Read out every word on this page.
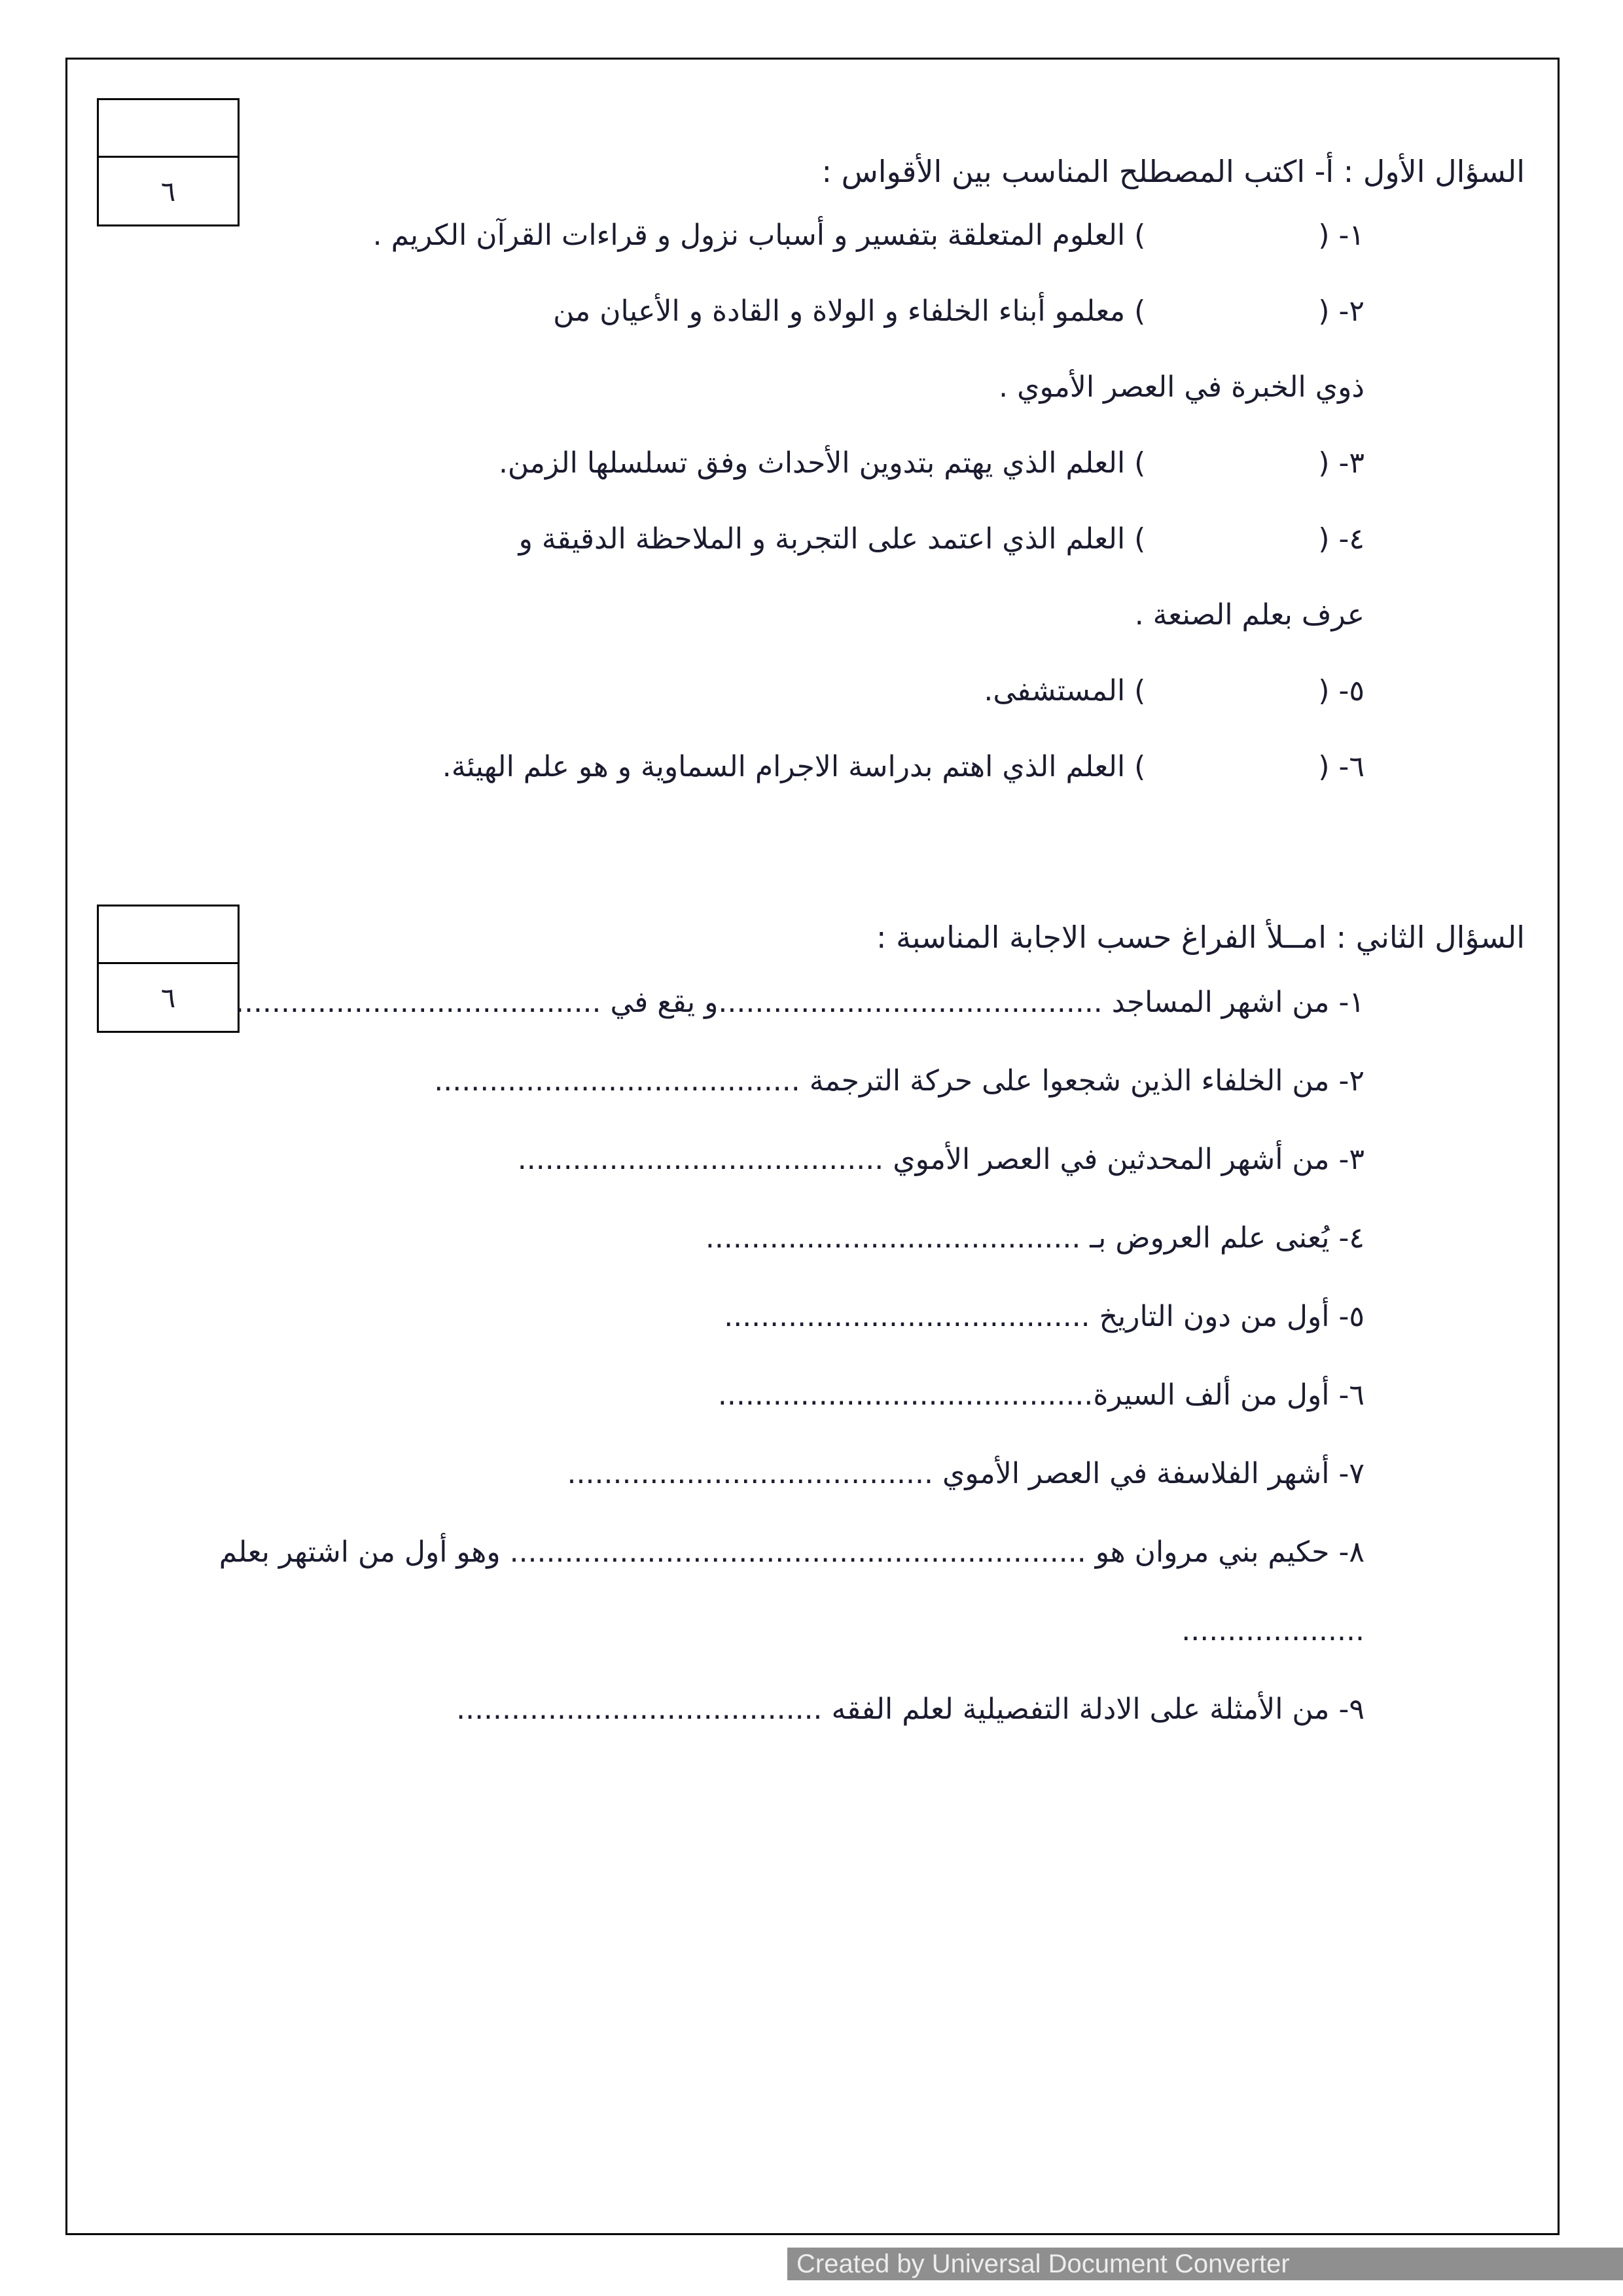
٦
٦
السؤال الأول : أ- اكتب المصطلح المناسب بين الأقواس :
١- (      ) العلوم المتعلقة بتفسير و أسباب نزول و قراءات القرآن الكريم .
٢- (      ) معلمو أبناء الخلفاء و الولاة و القادة و الأعيان من
ذوي الخبرة في العصر الأموي .
٣- (      ) العلم الذي يهتم بتدوين الأحداث وفق تسلسلها الزمن.
٤- (      ) العلم الذي اعتمد على التجربة و الملاحظة الدقيقة و
عرف بعلم الصنعة .
٥- (      ) المستشفى.
٦- (      ) العلم الذي اهتم بدراسة الاجرام السماوية و هو علم الهيئة.
السؤال الثاني : امــلأ الفراغ حسب الاجابة المناسبة :
١- من اشهر المساجد ..........................................و يقع في ........................................
٢- من الخلفاء الذين شجعوا على حركة الترجمة ........................................
٣- من أشهر المحدثين في العصر الأموي ........................................
٤- يُعنى علم العروض بـ .........................................
٥- أول من دون التاريخ ........................................
٦- أول من ألف السيرة.........................................
٧- أشهر الفلاسفة في العصر الأموي ........................................
٨- حكيم بني مروان هو ............................................................... وهو أول من اشتهر بعلم ....................
٩- من الأمثلة على الادلة التفصيلية لعلم الفقه ........................................
Created by Universal Document Converter
